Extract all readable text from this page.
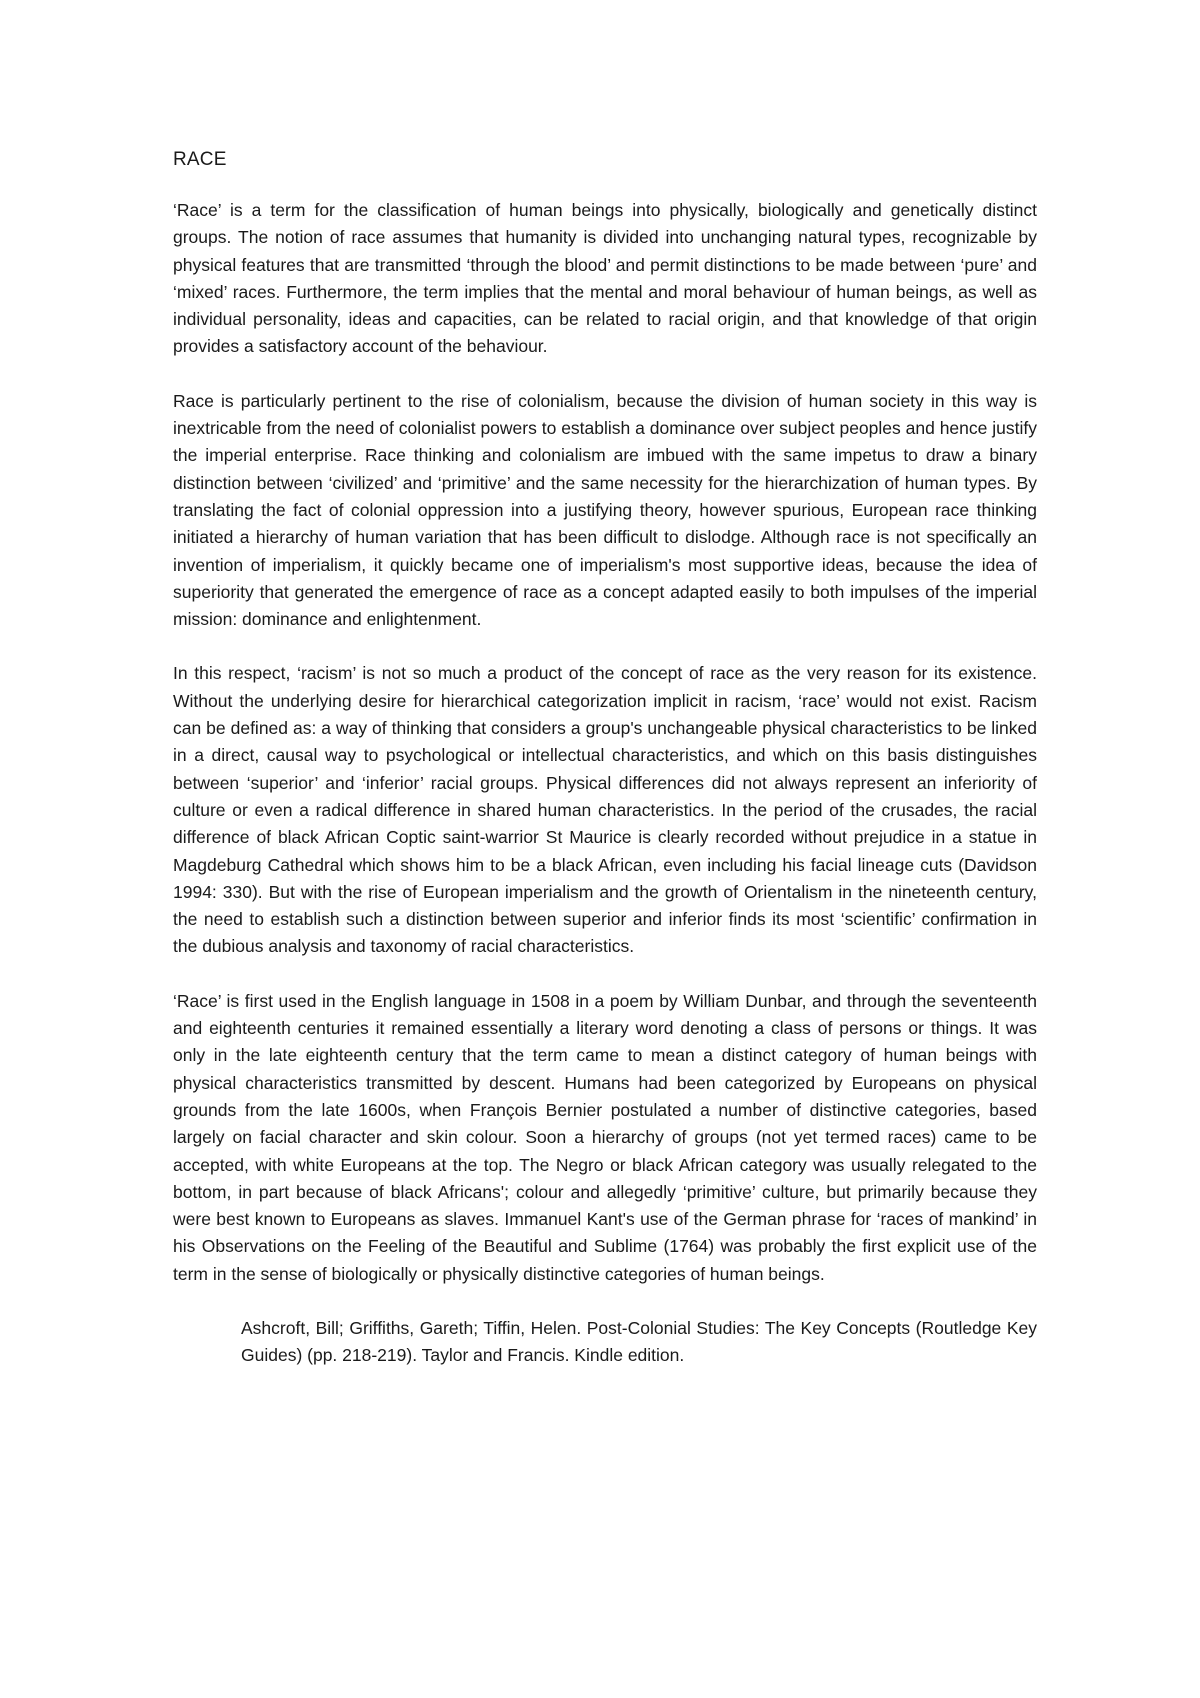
RACE

‘Race’ is a term for the classification of human beings into physically, biologically and genetically distinct groups. The notion of race assumes that humanity is divided into unchanging natural types, recognizable by physical features that are transmitted ‘through the blood’ and permit distinctions to be made between ‘pure’ and ‘mixed’ races. Furthermore, the term implies that the mental and moral behaviour of human beings, as well as individual personality, ideas and capacities, can be related to racial origin, and that knowledge of that origin provides a satisfactory account of the behaviour.

Race is particularly pertinent to the rise of colonialism, because the division of human society in this way is inextricable from the need of colonialist powers to establish a dominance over subject peoples and hence justify the imperial enterprise. Race thinking and colonialism are imbued with the same impetus to draw a binary distinction between ‘civilized’ and ‘primitive’ and the same necessity for the hierarchization of human types. By translating the fact of colonial oppression into a justifying theory, however spurious, European race thinking initiated a hierarchy of human variation that has been difficult to dislodge. Although race is not specifically an invention of imperialism, it quickly became one of imperialism's most supportive ideas, because the idea of superiority that generated the emergence of race as a concept adapted easily to both impulses of the imperial mission: dominance and enlightenment.

In this respect, ‘racism’ is not so much a product of the concept of race as the very reason for its existence. Without the underlying desire for hierarchical categorization implicit in racism, ‘race’ would not exist. Racism can be defined as: a way of thinking that considers a group's unchangeable physical characteristics to be linked in a direct, causal way to psychological or intellectual characteristics, and which on this basis distinguishes between ‘superior’ and ‘inferior’ racial groups. Physical differences did not always represent an inferiority of culture or even a radical difference in shared human characteristics. In the period of the crusades, the racial difference of black African Coptic saint-warrior St Maurice is clearly recorded without prejudice in a statue in Magdeburg Cathedral which shows him to be a black African, even including his facial lineage cuts (Davidson 1994: 330). But with the rise of European imperialism and the growth of Orientalism in the nineteenth century, the need to establish such a distinction between superior and inferior finds its most ‘scientific’ confirmation in the dubious analysis and taxonomy of racial characteristics.

‘Race’ is first used in the English language in 1508 in a poem by William Dunbar, and through the seventeenth and eighteenth centuries it remained essentially a literary word denoting a class of persons or things. It was only in the late eighteenth century that the term came to mean a distinct category of human beings with physical characteristics transmitted by descent. Humans had been categorized by Europeans on physical grounds from the late 1600s, when François Bernier postulated a number of distinctive categories, based largely on facial character and skin colour. Soon a hierarchy of groups (not yet termed races) came to be accepted, with white Europeans at the top. The Negro or black African category was usually relegated to the bottom, in part because of black Africans'; colour and allegedly ‘primitive’ culture, but primarily because they were best known to Europeans as slaves. Immanuel Kant's use of the German phrase for ‘races of mankind’ in his Observations on the Feeling of the Beautiful and Sublime (1764) was probably the first explicit use of the term in the sense of biologically or physically distinctive categories of human beings.

Ashcroft, Bill; Griffiths, Gareth; Tiffin, Helen. Post-Colonial Studies: The Key Concepts (Routledge Key Guides) (pp. 218-219). Taylor and Francis. Kindle edition.
